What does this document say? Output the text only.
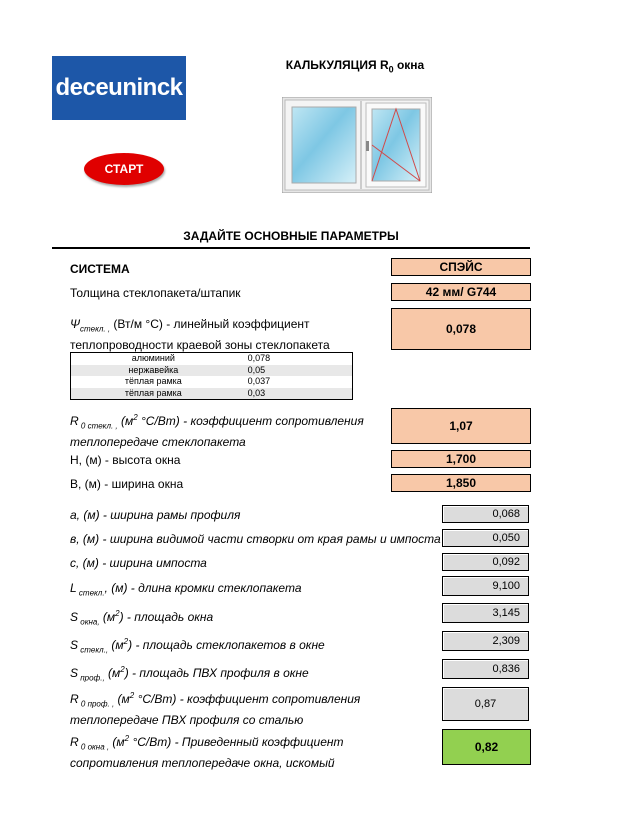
deceuninck
СТАРТ
КАЛЬКУЛЯЦИЯ $R_0$ окна
ЗАДАЙТЕ ОСНОВНЫЕ ПАРАМЕТРЫ
СИСТЕМА	СПЭЙС
Толщина стеклопакета/штапик	42 мм/ G744
$\Psi_{стекл. ,}$ (Вт/м °С) - линейный коэффициент
теплопроводности краевой зоны стеклопакета
0,078
алюминий	0,078
нержавейка	0,05
тёплая рамка	0,037
тёплая рамка	0,03
R $_{0 стекл. ,}$ ($м^2$ °С/Вт) - коэффициент сопротивления
теплопередаче стеклопакета
1,07
Н, (м) - высота окна	1,700
В, (м) - ширина окна	1,850
a, (м) - ширина рамы профиля	0,068
в, (м) - ширина видимой части створки от края рамы и импоста	0,050
c, (м) - ширина импоста	0,092
L $_{стекл.}$, (м) - длина кромки стеклопакета	9,100
S $_{окна,}$ $(м^2)$ - площадь окна	3,145
S $_{стекл.,}$ $(м^2)$ - площадь стеклопакетов в окне	2,309
S $_{проф.,}$ $(м^2)$ - площадь ПВХ профиля в окне	0,836
R $_{0 проф. ,}$ ($м^2$ °С/Вт) - коэффициент сопротивления
теплопередаче ПВХ профиля со сталью
0,87
R $_{0 окна ,}$ ($м^2$ °С/Вт) - Приведенный коэффициент
сопротивления теплопередаче окна, искомый
0,82
